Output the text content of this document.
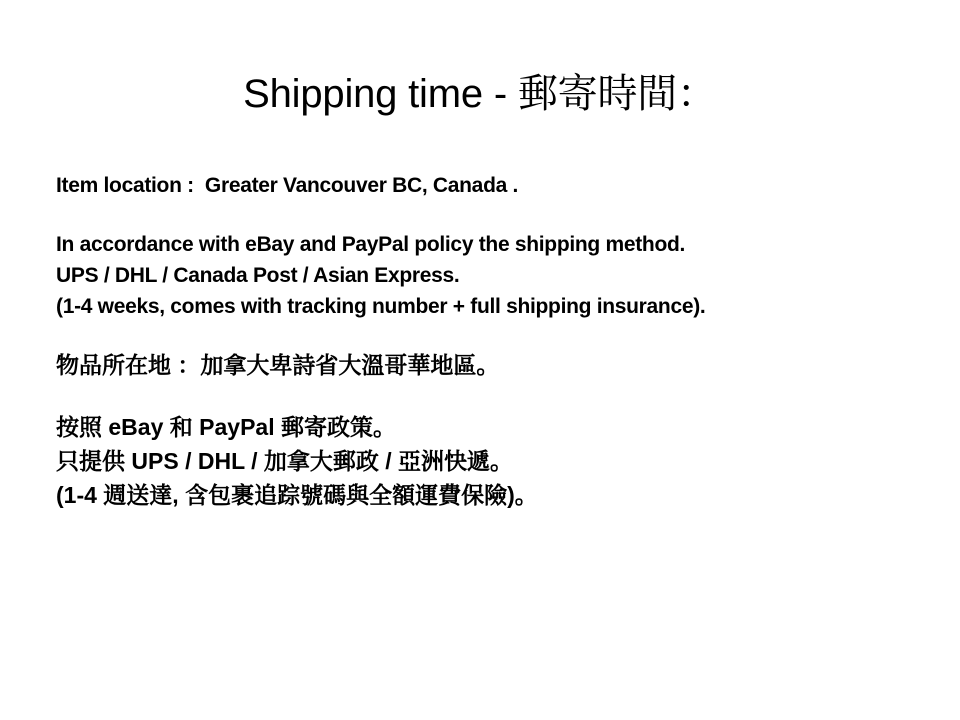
Shipping time - 郵寄時間：
Item location :  Greater Vancouver BC, Canada .
In accordance with eBay and PayPal policy the shipping method.
UPS / DHL / Canada Post / Asian Express.
(1-4 weeks, comes with tracking number + full shipping insurance).
物品所在地 ：加拿大卑詩省大溫哥華地區。
按照 eBay 和 PayPal 郵寄政策。
只提供 UPS / DHL / 加拿大郵政 / 亞洲快遞。
(1-4 週送達, 含包裹追踪號碼與全額運費保險)。
